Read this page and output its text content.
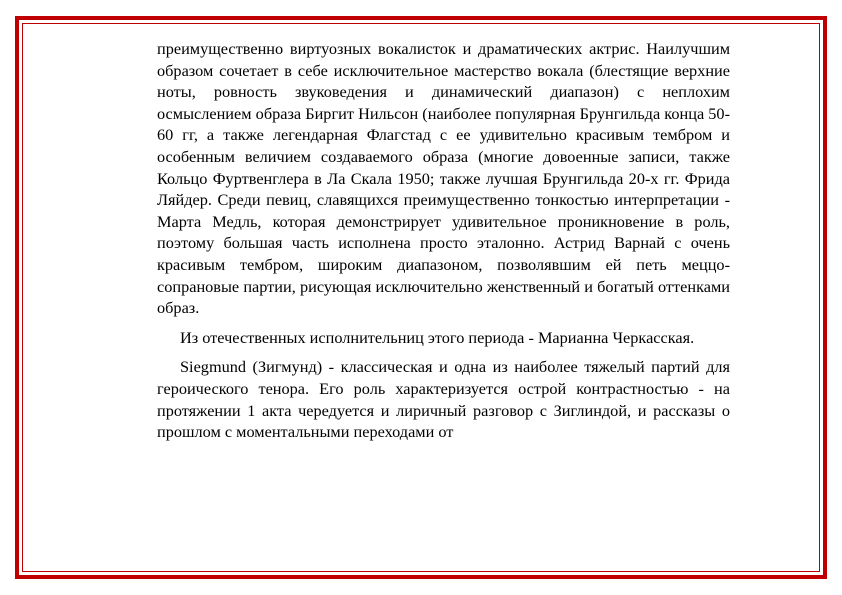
преимущественно виртуозных вокалисток и драматических актрис. Наилучшим образом сочетает в себе исключительное мастерство вокала (блестящие верхние ноты, ровность звуковедения и динамический диапазон) с неплохим осмыслением образа Биргит Нильсон (наиболее популярная Брунгильда конца 50-60 гг, а также легендарная Флагстад с ее удивительно красивым тембром и особенным величием создаваемого образа (многие довоенные записи, также Кольцо Фуртвенглера в Ла Скала 1950; также лучшая Брунгильда 20-х гг. Фрида Ляйдер. Среди певиц, славящихся преимущественно тонкостью интерпретации - Марта Медль, которая демонстрирует удивительное проникновение в роль, поэтому большая часть исполнена просто эталонно. Астрид Варнай с очень красивым тембром, широким диапазоном, позволявшим ей петь меццо-сопрановые партии, рисующая исключительно женственный и богатый оттенками образ.

Из отечественных исполнительниц этого периода - Марианна Черкасская.

Siegmund (Зигмунд) - классическая и одна из наиболее тяжелый партий для героического тенора. Его роль характеризуется острой контрастностью - на протяжении 1 акта чередуется и лиричный разговор с Зиглиндой, и рассказы о прошлом с моментальными переходами от
